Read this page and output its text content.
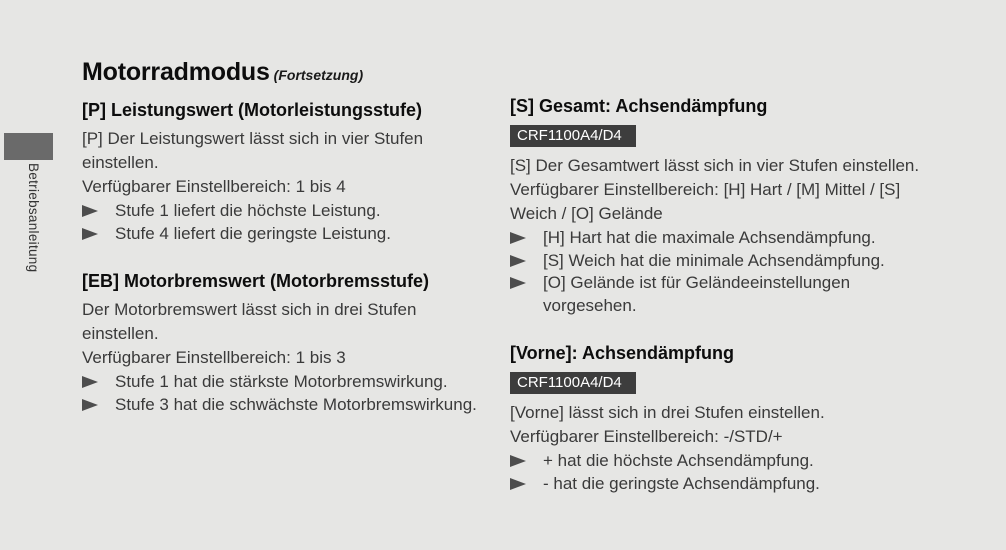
Betriebsanleitung
Motorradmodus (Fortsetzung)
[P] Leistungswert (Motorleistungsstufe)

[P] Der Leistungswert lässt sich in vier Stufen einstellen.

Verfügbarer Einstellbereich: 1 bis 4

Stufe 1 liefert die höchste Leistung.
Stufe 4 liefert die geringste Leistung.
[EB] Motorbremswert (Motorbremsstufe)

Der Motorbremswert lässt sich in drei Stufen einstellen.

Verfügbarer Einstellbereich: 1 bis 3

Stufe 1 hat die stärkste Motorbremswirkung.
Stufe 3 hat die schwächste Motorbremswirkung.
[S] Gesamt: Achsendämpfung
CRF1100A4/D4

[S] Der Gesamtwert lässt sich in vier Stufen einstellen.

Verfügbarer Einstellbereich: [H] Hart / [M] Mittel / [S] Weich / [O] Gelände

[H] Hart hat die maximale Achsendämpfung.
[S] Weich hat die minimale Achsendämpfung.
[O] Gelände ist für Geländeeinstellungen vorgesehen.
[Vorne]: Achsendämpfung
CRF1100A4/D4

[Vorne] lässt sich in drei Stufen einstellen.

Verfügbarer Einstellbereich: -/STD/+

+ hat die höchste Achsendämpfung.
- hat die geringste Achsendämpfung.
